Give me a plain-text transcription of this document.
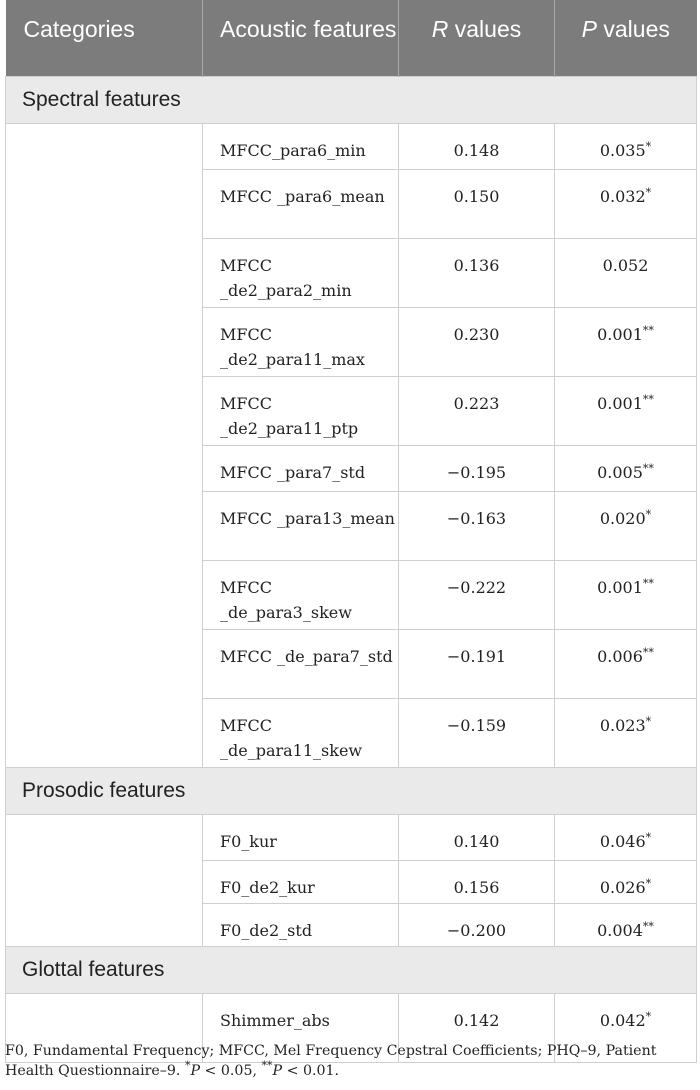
Categories	Acoustic features	R values	P values
Spectral features			
	MFCC_para6_min	0.148	0.035*
	MFCC _para6_mean	0.150	0.032*
	MFCC _de2_para2_min	0.136	0.052
	MFCC _de2_para11_max	0.230	0.001**
	MFCC _de2_para11_ptp	0.223	0.001**
	MFCC _para7_std	−0.195	0.005**
	MFCC _para13_mean	−0.163	0.020*
	MFCC _de_para3_skew	−0.222	0.001**
	MFCC _de_para7_std	−0.191	0.006**
	MFCC _de_para11_skew	−0.159	0.023*
Prosodic features			
	F0_kur	0.140	0.046*
	F0_de2_kur	0.156	0.026*
	F0_de2_std	−0.200	0.004**
Glottal features			
	Shimmer_abs	0.142	0.042*
F0, Fundamental Frequency; MFCC, Mel Frequency Cepstral Coefficients; PHQ–9, Patient
Health Questionnaire–9. *P < 0.05, **P < 0.01.
